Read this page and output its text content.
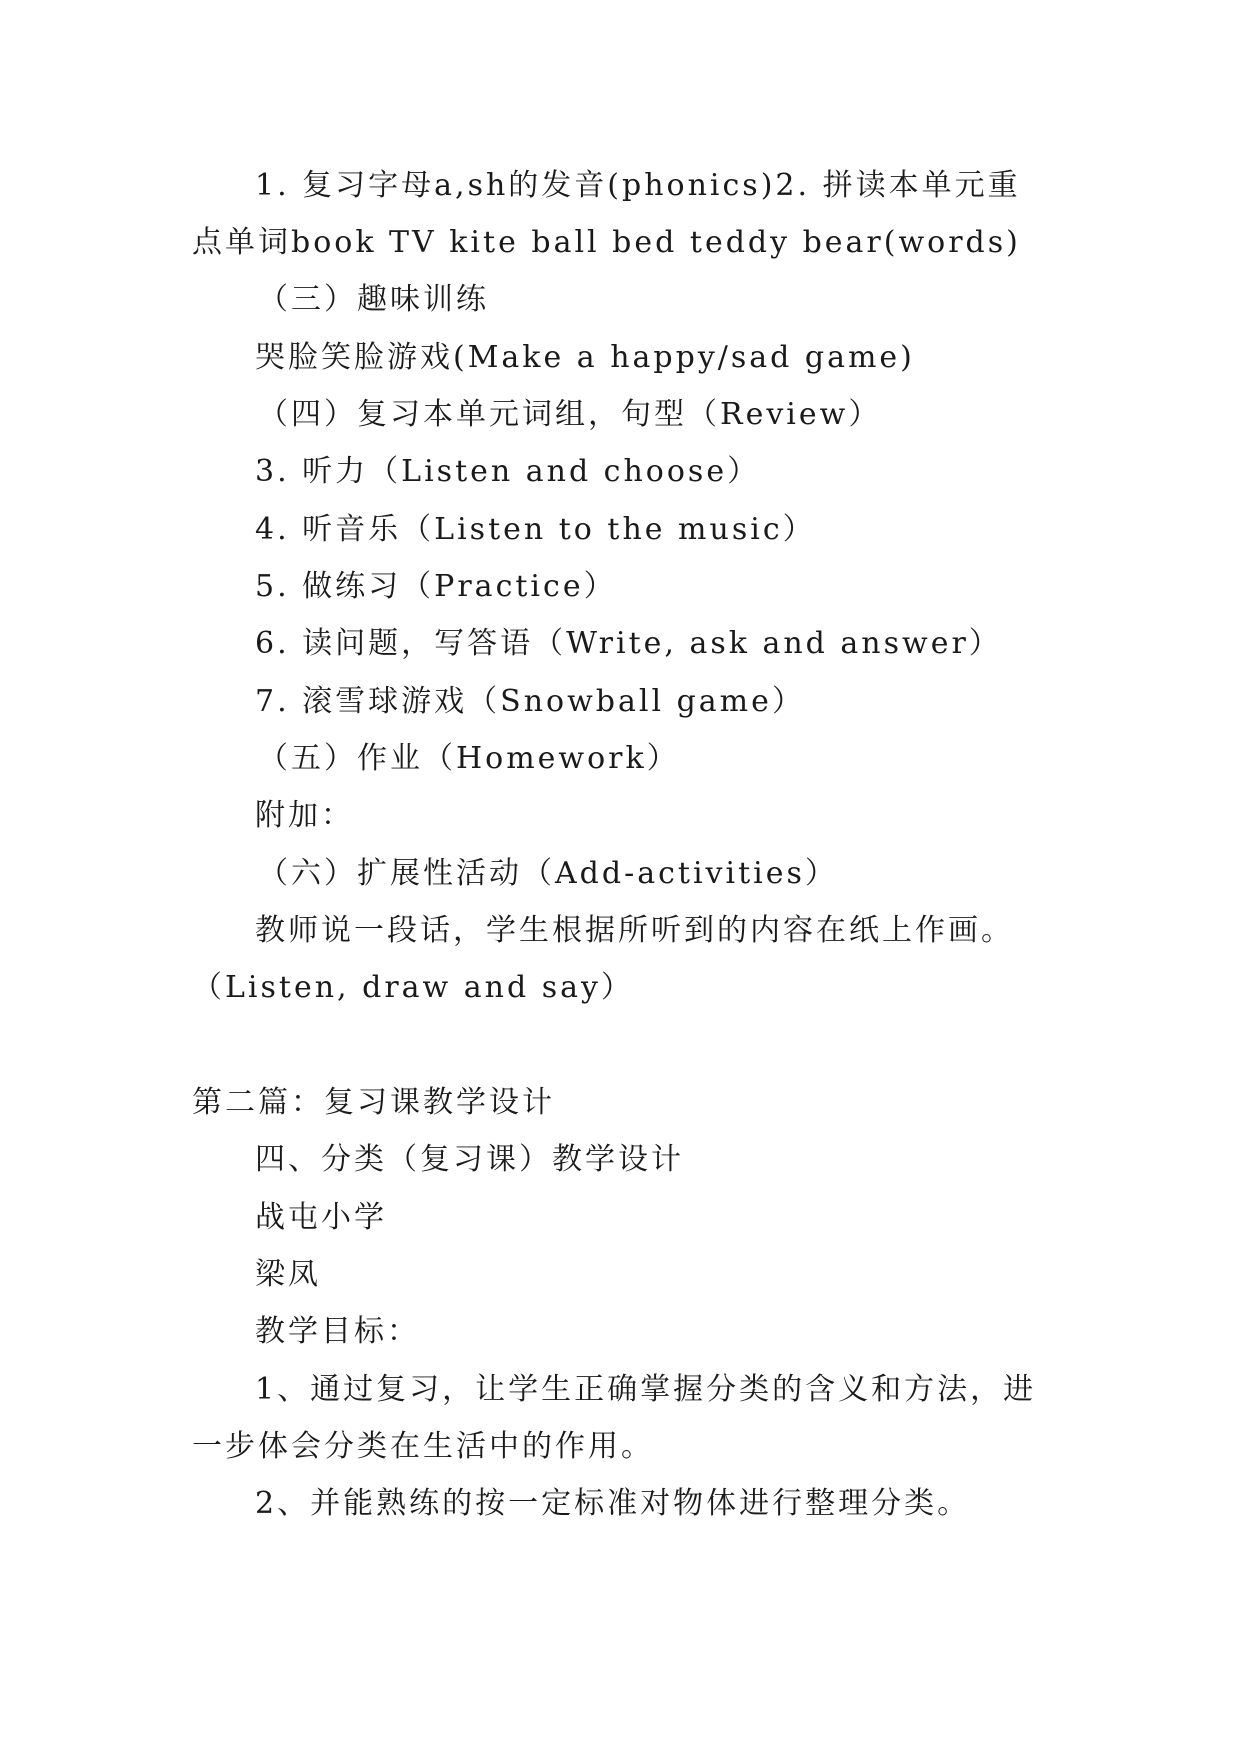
1. 复习字母a,sh的发音(phonics)2. 拼读本单元重
点单词book TV kite ball bed teddy bear(words)
（三）趣味训练
哭脸笑脸游戏(Make a happy/sad game)
（四）复习本单元词组，句型（Review）
3. 听力（Listen and choose）
4. 听音乐（Listen to the music）
5. 做练习（Practice）
6. 读问题，写答语（Write, ask and answer）
7. 滚雪球游戏（Snowball game）
（五）作业（Homework）
附加：
（六）扩展性活动（Add-activities）
教师说一段话，学生根据所听到的内容在纸上作画。
（Listen, draw and say）
第二篇：复习课教学设计
四、分类（复习课）教学设计
战屯小学
梁凤
教学目标：
1、通过复习，让学生正确掌握分类的含义和方法，进
一步体会分类在生活中的作用。
2、并能熟练的按一定标准对物体进行整理分类。
